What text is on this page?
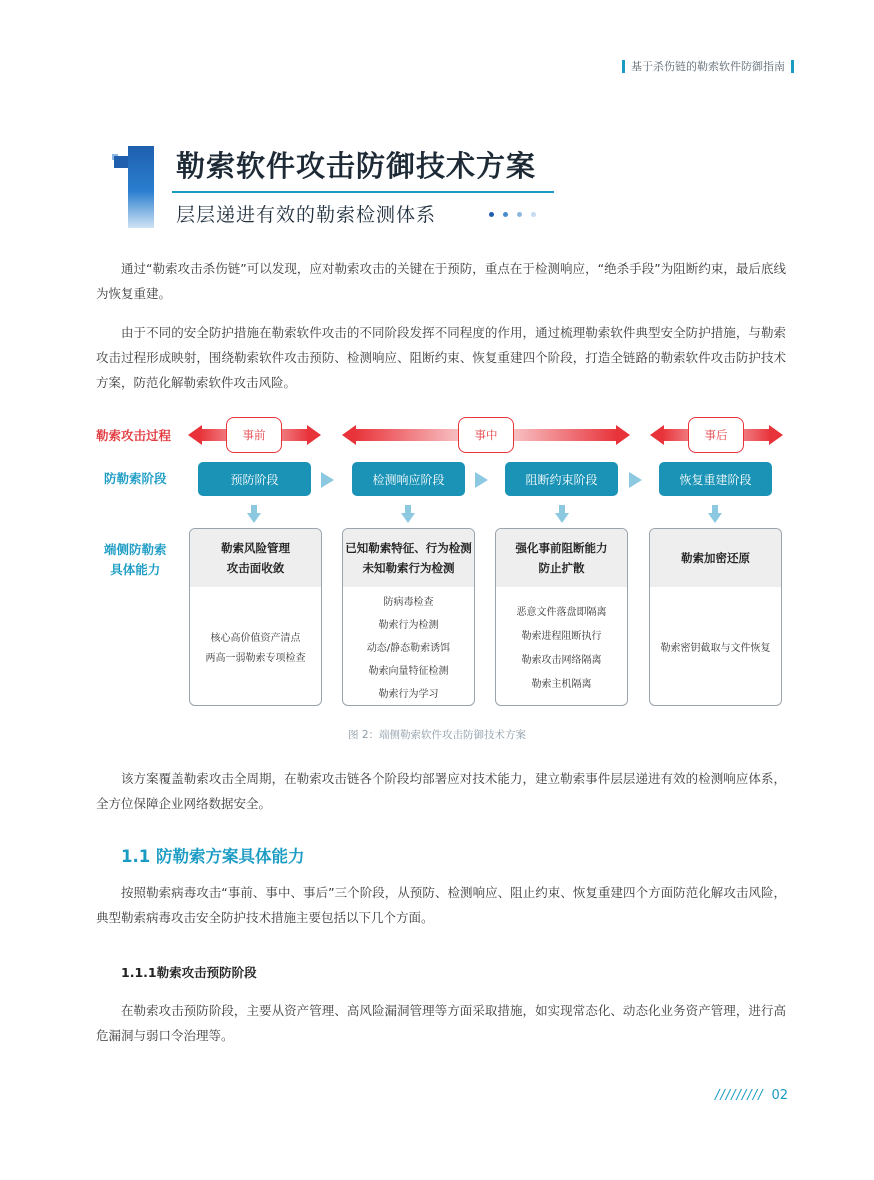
基于杀伤链的勒索软件防御指南
勒索软件攻击防御技术方案
层层递进有效的勒索检测体系

通过“勒索攻击杀伤链”可以发现，应对勒索攻击的关键在于预防，重点在于检测响应，“绝杀手段”为阻断约束，最后底线为恢复重建。

由于不同的安全防护措施在勒索软件攻击的不同阶段发挥不同程度的作用，通过梳理勒索软件典型安全防护措施，与勒索攻击过程形成映射，围绕勒索软件攻击预防、检测响应、阻断约束、恢复重建四个阶段，打造全链路的勒索软件攻击防护技术方案，防范化解勒索软件攻击风险。

勒索攻击过程
防勒索阶段
端侧防勒索
具体能力
事前	事中	事后
预防阶段	检测响应阶段	阻断约束阶段	恢复重建阶段
勒索风险管理
攻击面收敛
核心高价值资产清点
两高一弱勒索专项检查
已知勒索特征、行为检测
未知勒索行为检测
防病毒检查
勒索行为检测
动态/静态勒索诱饵
勒索向量特征检测
勒索行为学习
强化事前阻断能力
防止扩散
恶意文件落盘即隔离
勒索进程阻断执行
勒索攻击网络隔离
勒索主机隔离
勒索加密还原
勒索密钥截取与文件恢复
图 2：端侧勒索软件攻击防御技术方案

该方案覆盖勒索攻击全周期，在勒索攻击链各个阶段均部署应对技术能力，建立勒索事件层层递进有效的检测响应体系，全方位保障企业网络数据安全。

1.1 防勒索方案具体能力

按照勒索病毒攻击“事前、事中、事后”三个阶段，从预防、检测响应、阻止约束、恢复重建四个方面防范化解攻击风险，典型勒索病毒攻击安全防护技术措施主要包括以下几个方面。

1.1.1勒索攻击预防阶段

在勒索攻击预防阶段，主要从资产管理、高风险漏洞管理等方面采取措施，如实现常态化、动态化业务资产管理，进行高危漏洞与弱口令治理等。

///////// 02
